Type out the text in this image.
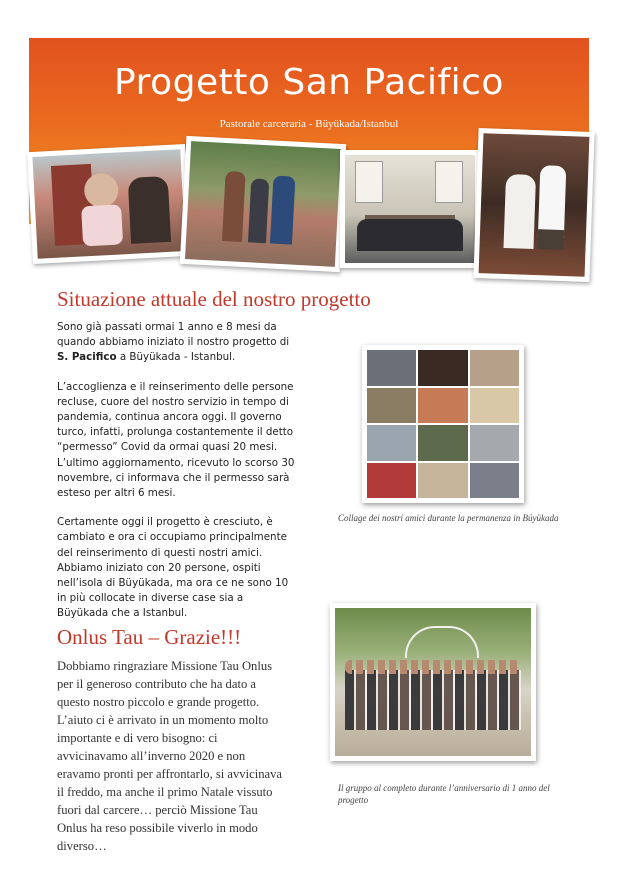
Progetto San Pacifico
Pastorale carceraria - Büyükada/Istanbul
Situazione attuale del nostro progetto

Sono già passati ormai 1 anno e 8 mesi da quando abbiamo iniziato il nostro progetto di S. Pacifico a Büyükada - Istanbul.

L’accoglienza e il reinserimento delle persone recluse, cuore del nostro servizio in tempo di pandemia, continua ancora oggi. Il governo turco, infatti, prolunga costantemente il detto “permesso” Covid da ormai quasi 20 mesi. L’ultimo aggiornamento, ricevuto lo scorso 30 novembre, ci informava che il permesso sarà esteso per altri 6 mesi.

Certamente oggi il progetto è cresciuto, è cambiato e ora ci occupiamo principalmente del reinserimento di questi nostri amici.

Abbiamo iniziato con 20 persone, ospiti nell’isola di Büyükada, ma ora ce ne sono 10 in più collocate in diverse case sia a Büyükada che a Istanbul.

Collage dei nostri amici durante la permanenza in Büyükada
Onlus Tau – Grazie!!!
Dobbiamo ringraziare Missione Tau Onlus per il generoso contributo che ha dato a questo nostro piccolo e grande progetto. L’aiuto ci è arrivato in un momento molto importante e di vero bisogno: ci avvicinavamo all’inverno 2020 e non eravamo pronti per affrontarlo, si avvicinava il freddo, ma anche il primo Natale vissuto fuori dal carcere… perciò Missione Tau Onlus ha reso possibile viverlo in modo diverso…
Il gruppo al completo durante l’anniversario di 1 anno del progetto
